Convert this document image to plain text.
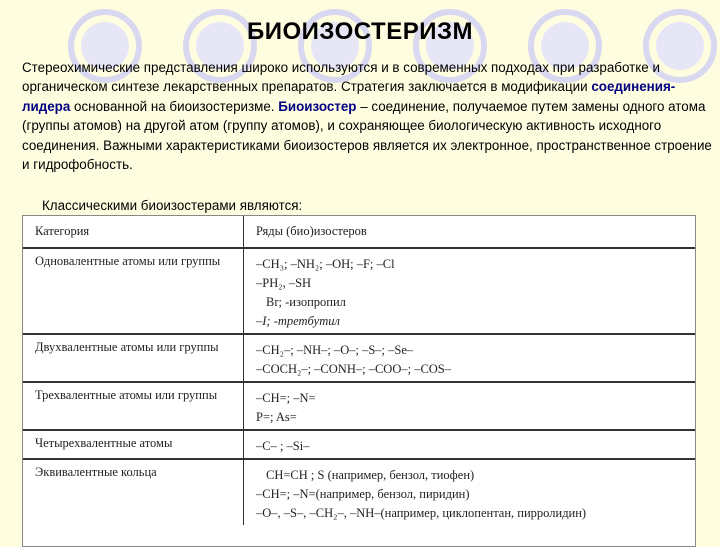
БИОИЗОСТЕРИЗМ
Стереохимические представления широко используются и в современных подходах при разработке и органическом синтезе лекарственных препаратов. Стратегия заключается в модификации соединения-лидера основанной на биоизостеризме. Биоизостер – соединение, получаемое путем замены одного атома (группы атомов) на другой атом (группу атомов), и сохраняющее биологическую активность исходного соединения. Важными характеристиками биоизостеров является их электронное, пространственное строение и гидрофобность.
Классическими биоизостерами являются:
Категория	Ряды (био)изостеров
Одновалентные атомы или группы	–CH₃; –NH₂; –OH; –F; –Cl
–PH₂, –SH
Br; -изопропил
–I; -третбутил

Двухвалентные атомы или группы	–CH₂–; –NH–; –O–; –S–; –Se–
–COCH₂–; –CONH–; –COO–; –COS–

Трехвалентные атомы или группы	–CH=; –N=
P=; As=

Четырехвалентные атомы	–C– ; –Si–

Эквивалентные кольца	CH=CH ; S (например, бензол, тиофен)
–CH=; –N=(например, бензол, пиридин)
–O–, –S–, –CH₂–, –NH–(например, циклопентан, пирролидин)
